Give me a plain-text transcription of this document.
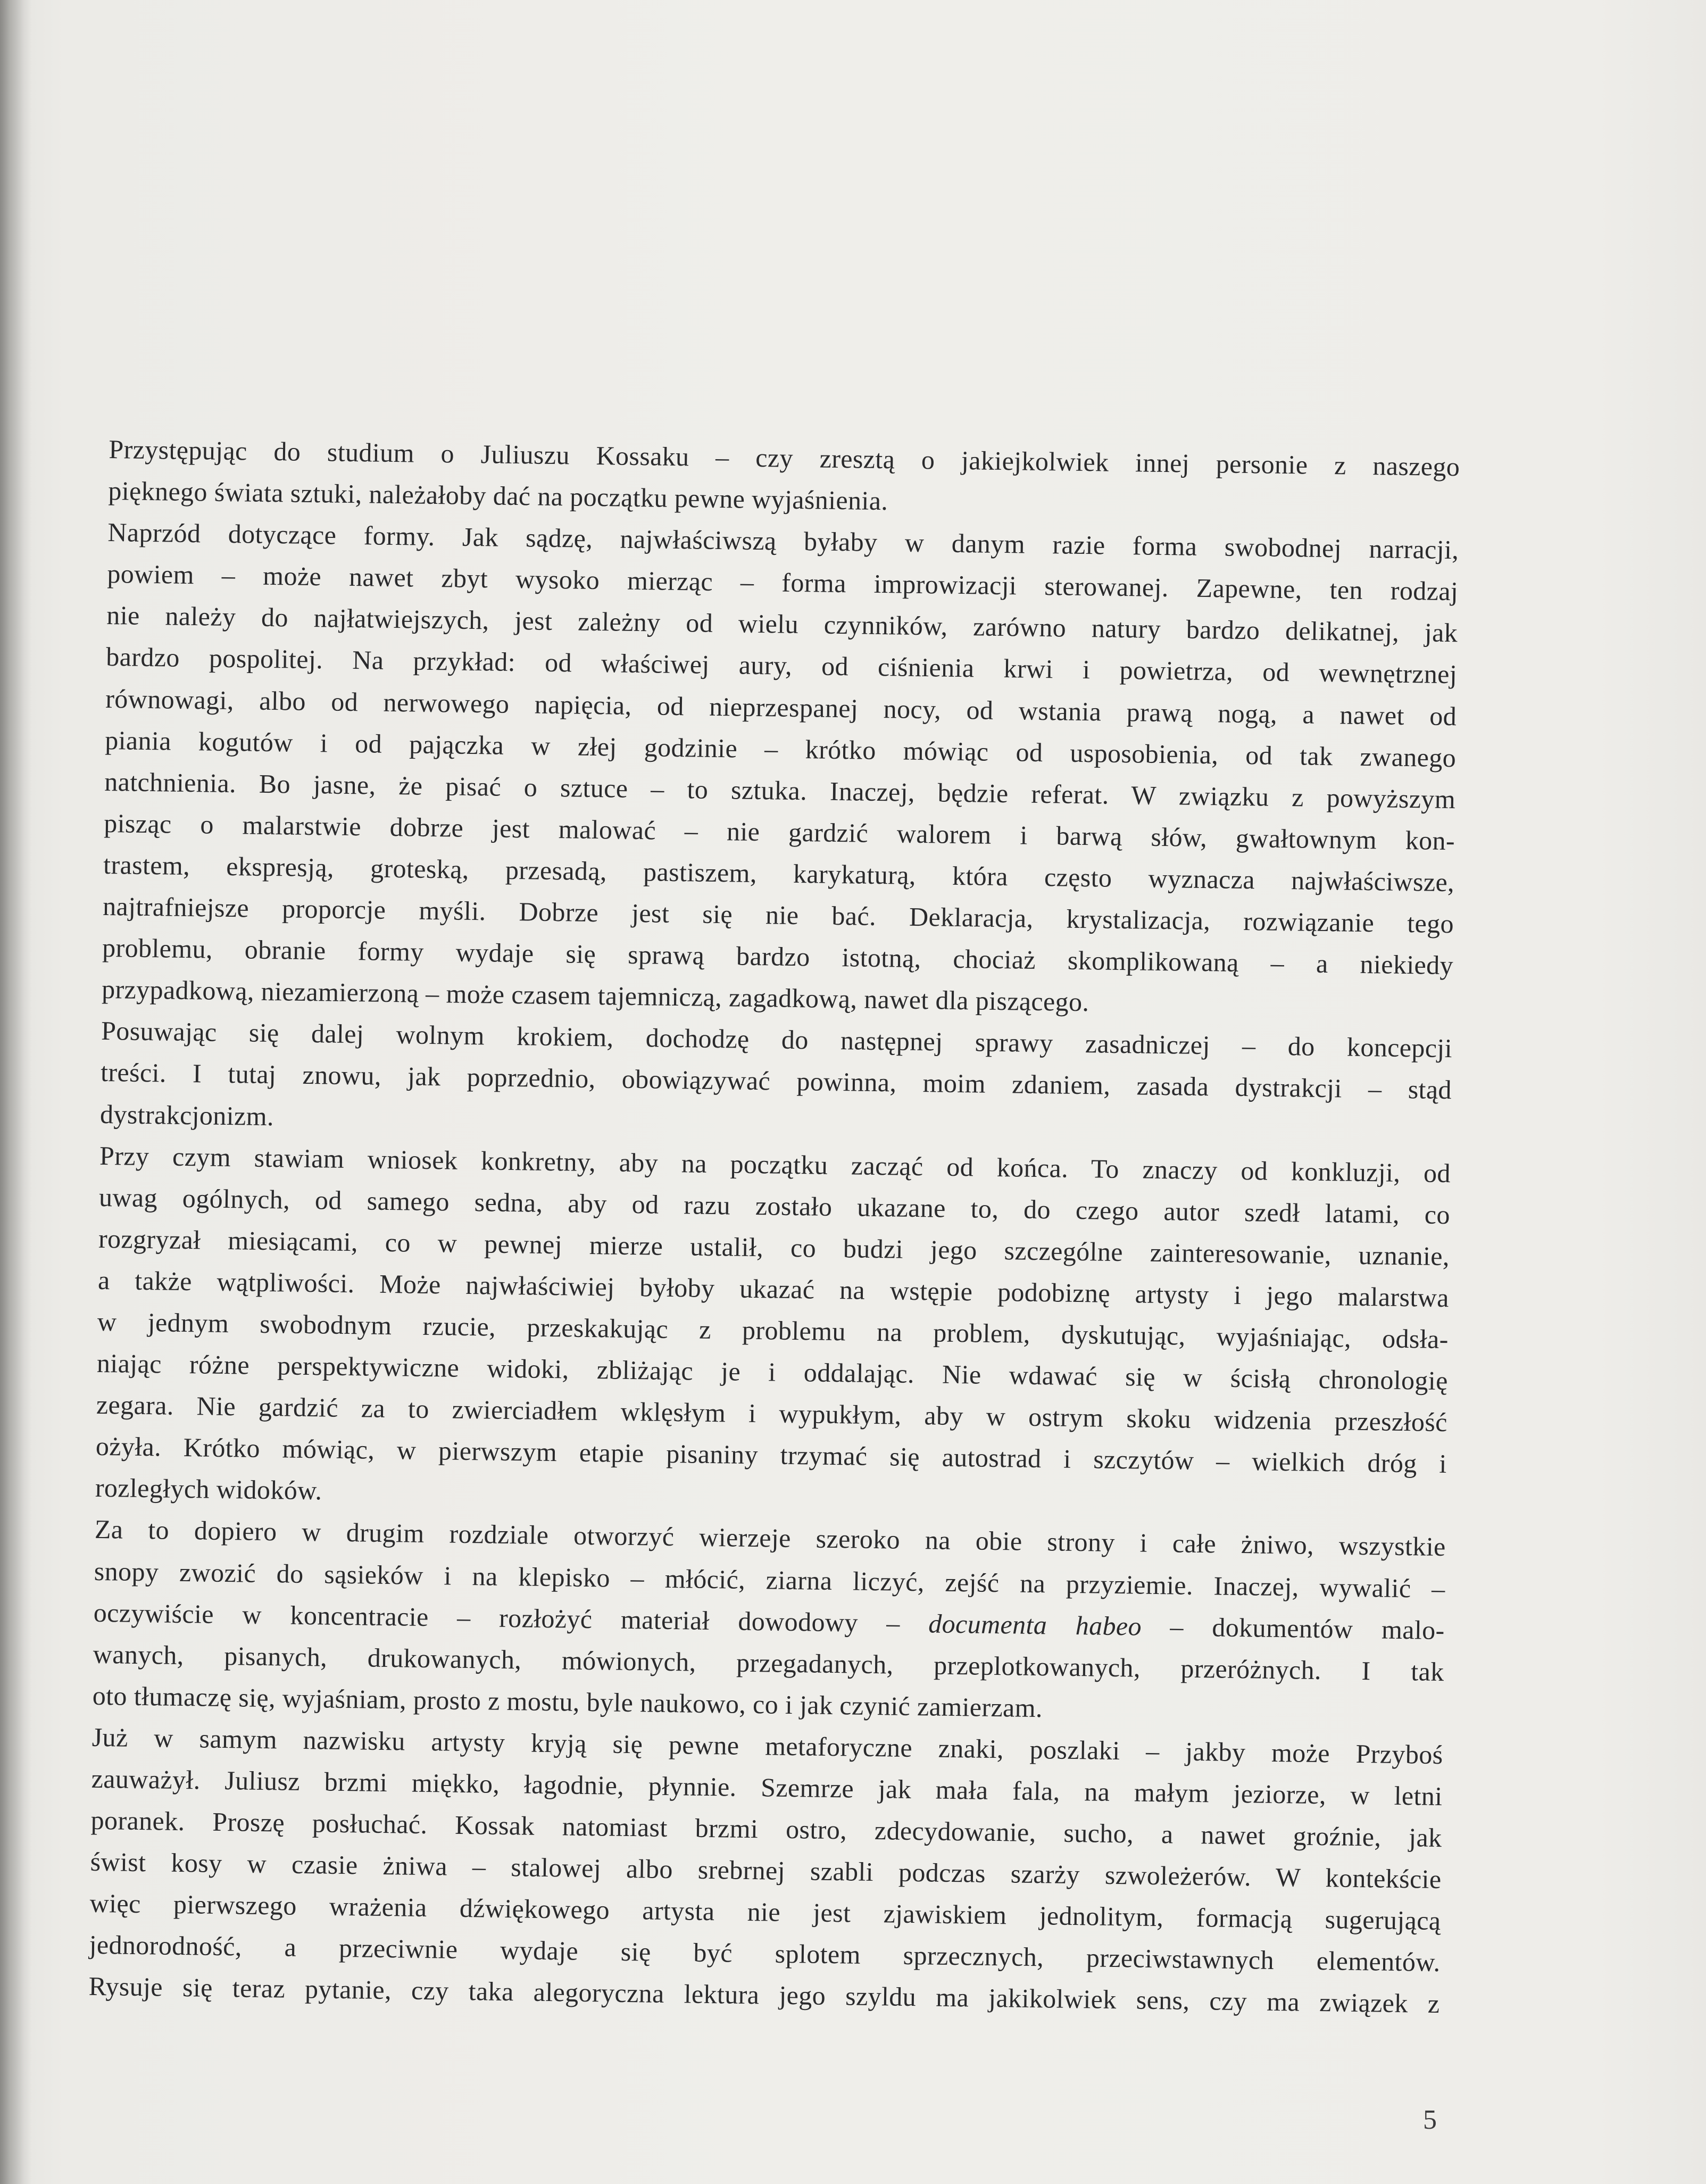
Przystępując do studium o Juliuszu Kossaku – czy zresztą o jakiejkolwiek innej personie z naszego
pięknego świata sztuki, należałoby dać na początku pewne wyjaśnienia.
Naprzód dotyczące formy. Jak sądzę, najwłaściwszą byłaby w danym razie forma swobodnej narracji,
powiem – może nawet zbyt wysoko mierząc – forma improwizacji sterowanej. Zapewne, ten rodzaj
nie należy do najłatwiejszych, jest zależny od wielu czynników, zarówno natury bardzo delikatnej, jak
bardzo pospolitej. Na przykład: od właściwej aury, od ciśnienia krwi i powietrza, od wewnętrznej
równowagi, albo od nerwowego napięcia, od nieprzespanej nocy, od wstania prawą nogą, a nawet od
piania kogutów i od pajączka w złej godzinie – krótko mówiąc od usposobienia, od tak zwanego
natchnienia. Bo jasne, że pisać o sztuce – to sztuka. Inaczej, będzie referat. W związku z powyższym
pisząc o malarstwie dobrze jest malować – nie gardzić walorem i barwą słów, gwałtownym kon-
trastem, ekspresją, groteską, przesadą, pastiszem, karykaturą, która często wyznacza najwłaściwsze,
najtrafniejsze proporcje myśli. Dobrze jest się nie bać. Deklaracja, krystalizacja, rozwiązanie tego
problemu, obranie formy wydaje się sprawą bardzo istotną, chociaż skomplikowaną – a niekiedy
przypadkową, niezamierzoną – może czasem tajemniczą, zagadkową, nawet dla piszącego.
Posuwając się dalej wolnym krokiem, dochodzę do następnej sprawy zasadniczej – do koncepcji
treści. I tutaj znowu, jak poprzednio, obowiązywać powinna, moim zdaniem, zasada dystrakcji – stąd
dystrakcjonizm.
Przy czym stawiam wniosek konkretny, aby na początku zacząć od końca. To znaczy od konkluzji, od
uwag ogólnych, od samego sedna, aby od razu zostało ukazane to, do czego autor szedł latami, co
rozgryzał miesiącami, co w pewnej mierze ustalił, co budzi jego szczególne zainteresowanie, uznanie,
a także wątpliwości. Może najwłaściwiej byłoby ukazać na wstępie podobiznę artysty i jego malarstwa
w jednym swobodnym rzucie, przeskakując z problemu na problem, dyskutując, wyjaśniając, odsła-
niając różne perspektywiczne widoki, zbliżając je i oddalając. Nie wdawać się w ścisłą chronologię
zegara. Nie gardzić za to zwierciadłem wklęsłym i wypukłym, aby w ostrym skoku widzenia przeszłość
ożyła. Krótko mówiąc, w pierwszym etapie pisaniny trzymać się autostrad i szczytów – wielkich dróg i
rozległych widoków.
Za to dopiero w drugim rozdziale otworzyć wierzeje szeroko na obie strony i całe żniwo, wszystkie
snopy zwozić do sąsieków i na klepisko – młócić, ziarna liczyć, zejść na przyziemie. Inaczej, wywalić –
oczywiście w koncentracie – rozłożyć materiał dowodowy – documenta habeo – dokumentów malo-
wanych, pisanych, drukowanych, mówionych, przegadanych, przeplotkowanych, przeróżnych. I tak
oto tłumaczę się, wyjaśniam, prosto z mostu, byle naukowo, co i jak czynić zamierzam.
Już w samym nazwisku artysty kryją się pewne metaforyczne znaki, poszlaki – jakby może Przyboś
zauważył. Juliusz brzmi miękko, łagodnie, płynnie. Szemrze jak mała fala, na małym jeziorze, w letni
poranek. Proszę posłuchać. Kossak natomiast brzmi ostro, zdecydowanie, sucho, a nawet groźnie, jak
świst kosy w czasie żniwa – stalowej albo srebrnej szabli podczas szarży szwoleżerów. W kontekście
więc pierwszego wrażenia dźwiękowego artysta nie jest zjawiskiem jednolitym, formacją sugerującą
jednorodność, a przeciwnie wydaje się być splotem sprzecznych, przeciwstawnych elementów.
Rysuje się teraz pytanie, czy taka alegoryczna lektura jego szyldu ma jakikolwiek sens, czy ma związek z
5
